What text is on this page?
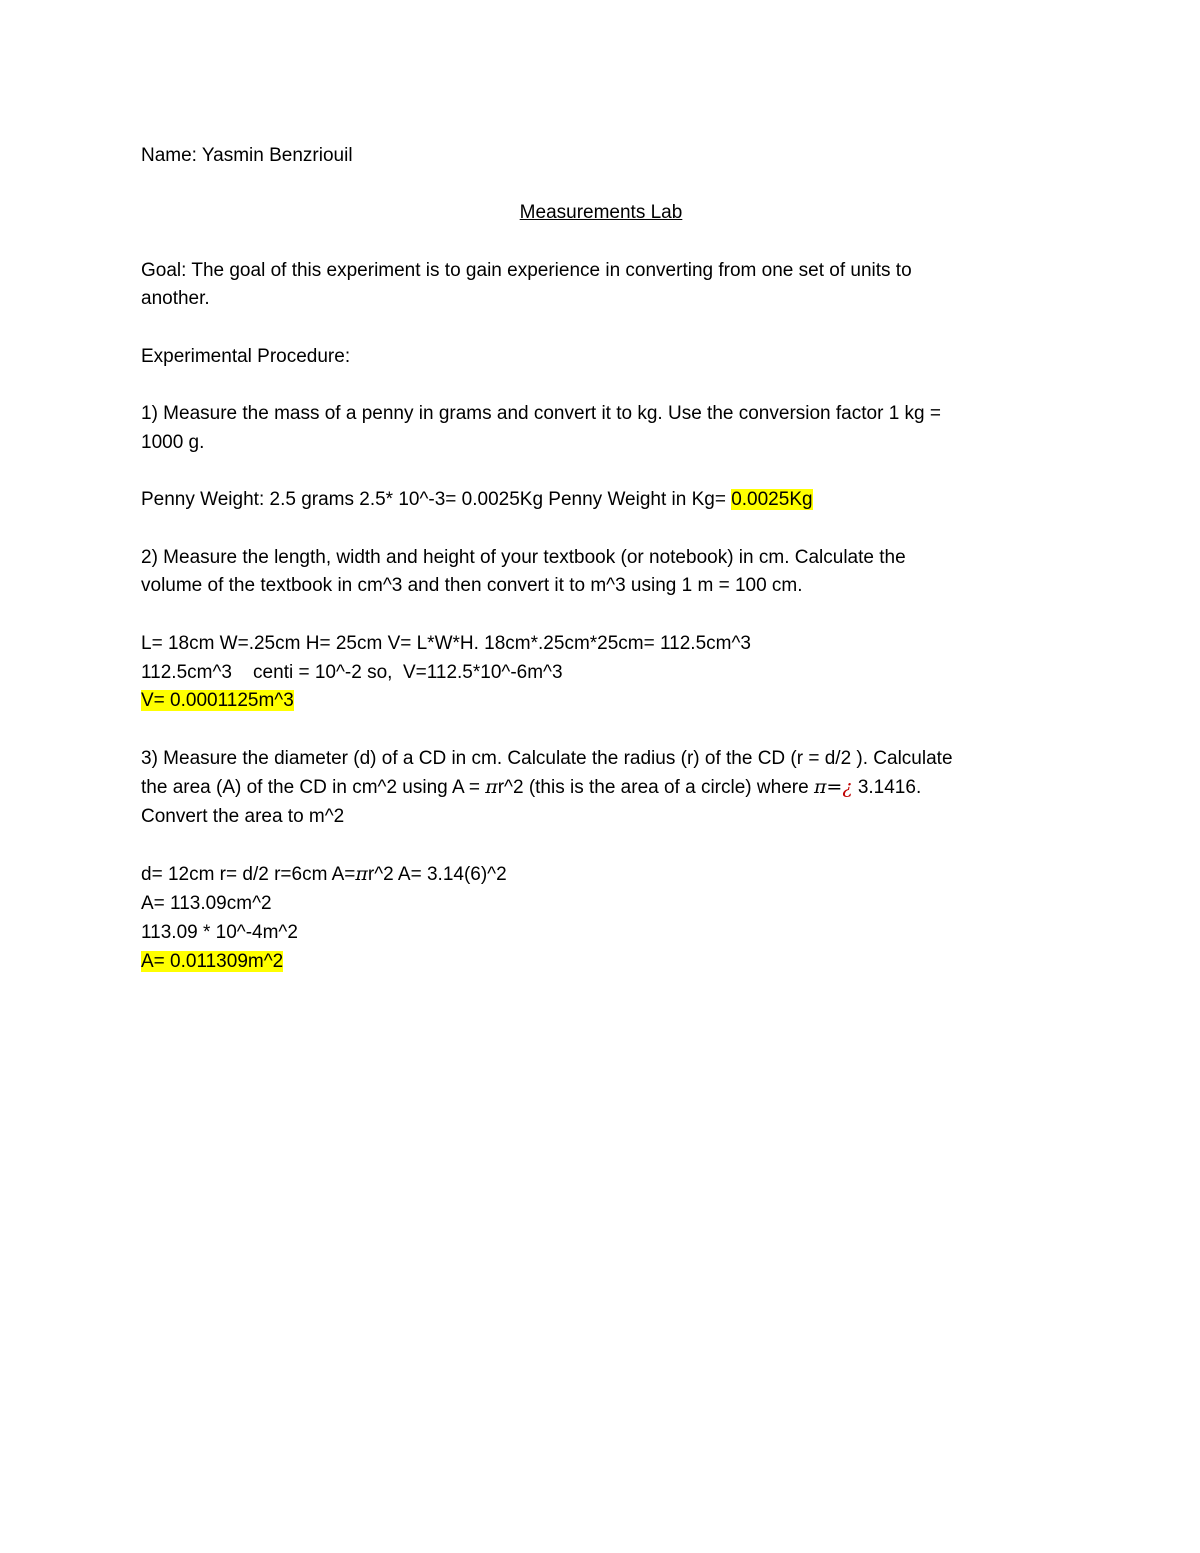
Name: Yasmin Benzriouil
Measurements Lab
Goal: The goal of this experiment is to gain experience in converting from one set of units to
another.
Experimental Procedure:
1) Measure the mass of a penny in grams and convert it to kg. Use the conversion factor 1 kg =
1000 g.
Penny Weight: 2.5 grams 2.5* 10^-3= 0.0025Kg Penny Weight in Kg= 0.0025Kg
2) Measure the length, width and height of your textbook (or notebook) in cm. Calculate the
volume of the textbook in cm^3 and then convert it to m^3 using 1 m = 100 cm.
L= 18cm W=.25cm H= 25cm V= L*W*H. 18cm*.25cm*25cm= 112.5cm^3
112.5cm^3    centi = 10^-2 so,  V=112.5*10^-6m^3
V= 0.0001125m^3
3) Measure the diameter (d) of a CD in cm. Calculate the radius (r) of the CD (r = d/2 ). Calculate
the area (A) of the CD in cm^2 using A = πr^2 (this is the area of a circle) where π=¿ 3.1416.
Convert the area to m^2
d= 12cm r= d/2 r=6cm A=πr^2 A= 3.14(6)^2
A= 113.09cm^2
113.09 * 10^-4m^2
A= 0.011309m^2
